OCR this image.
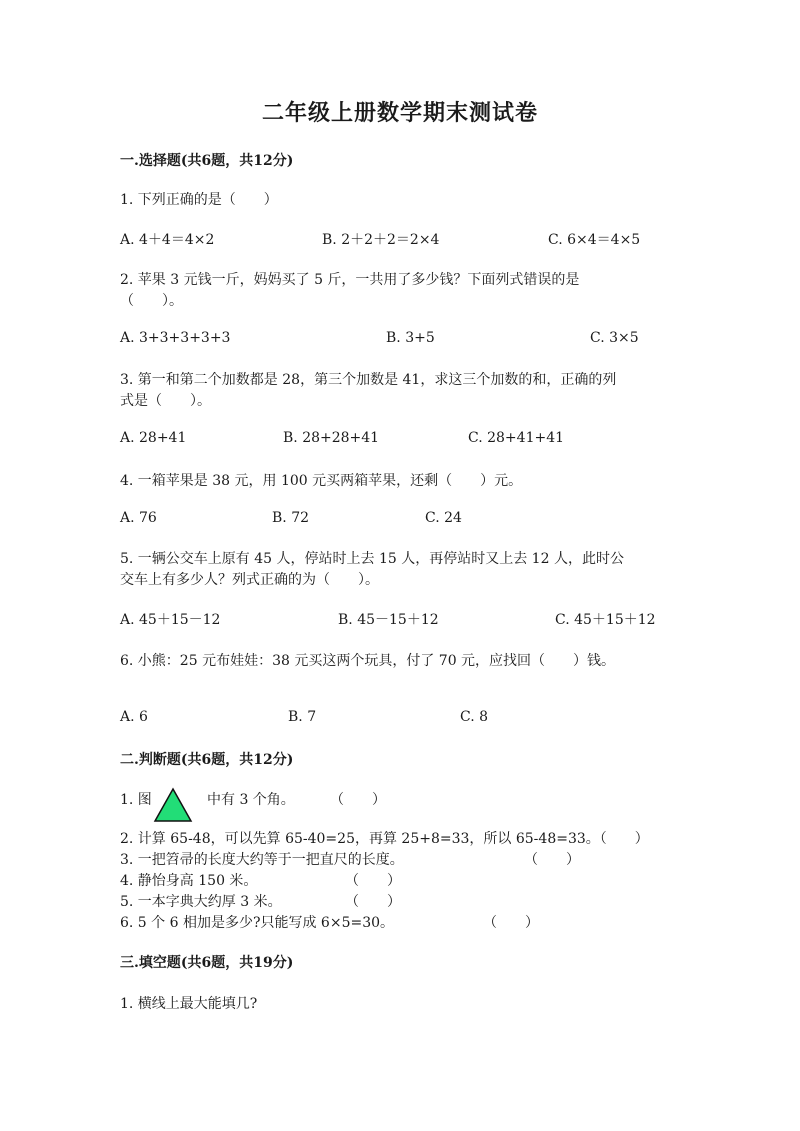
二年级上册数学期末测试卷
一.选择题(共6题，共12分)
1. 下列正确的是（　　）
A. 4＋4＝4×2	B. 2＋2＋2＝2×4	C. 6×4＝4×5
2. 苹果 3 元钱一斤，妈妈买了 5 斤，一共用了多少钱？下面列式错误的是
（　　）。
A. 3+3+3+3+3	B. 3+5	C. 3×5
3. 第一和第二个加数都是 28，第三个加数是 41，求这三个加数的和，正确的列
式是（　　）。
A. 28+41	B. 28+28+41	C. 28+41+41
4. 一箱苹果是 38 元，用 100 元买两箱苹果，还剩（　　）元。
A. 76	B. 72	C. 24
5. 一辆公交车上原有 45 人，停站时上去 15 人，再停站时又上去 12 人，此时公
交车上有多少人？列式正确的为（　　）。
A. 45＋15－12	B. 45－15＋12	C. 45＋15＋12
6. 小熊：25 元布娃娃：38 元买这两个玩具，付了 70 元，应找回（　　）钱。
A. 6	B. 7	C. 8
二.判断题(共6题，共12分)
1. 图	中有 3 个角。	（　　）
2. 计算 65-48，可以先算 65-40=25，再算 25+8=33，所以 65-48=33。（　　）
3. 一把笤帚的长度大约等于一把直尺的长度。	（　　）
4. 静怡身高 150 米。	（　　）
5. 一本字典大约厚 3 米。	（　　）
6. 5 个 6 相加是多少?只能写成 6×5=30。	（　　）
三.填空题(共6题，共19分)
1. 横线上最大能填几?
